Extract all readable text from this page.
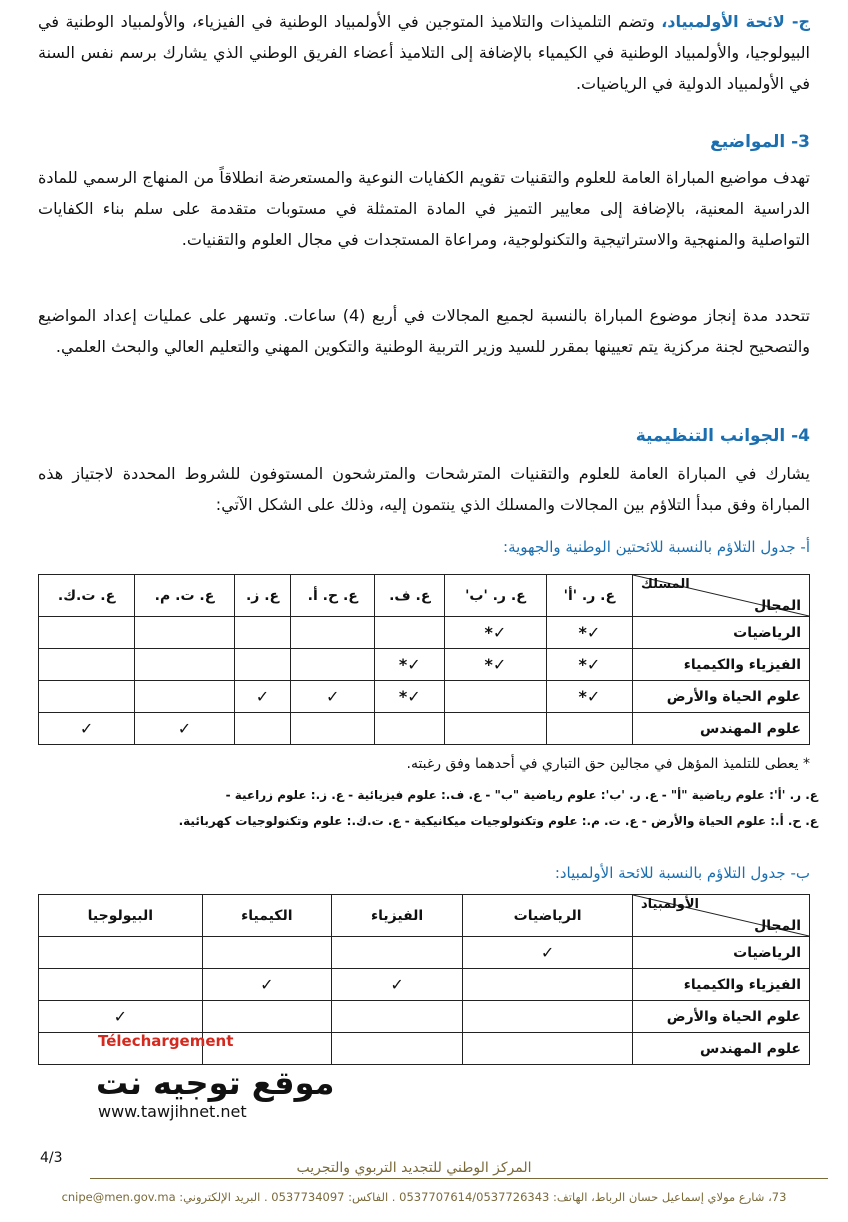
ج- لائحة الأولمبياد، وتضم التلميذات والتلاميذ المتوجين في الأولمبياد الوطنية في الفيزياء، والأولمبياد الوطنية في البيولوجيا، والأولمبياد الوطنية في الكيمياء بالإضافة إلى التلاميذ أعضاء الفريق الوطني الذي يشارك برسم نفس السنة في الأولمبياد الدولية في الرياضيات.
3- المواضيع
تهدف مواضيع المباراة العامة للعلوم والتقنيات تقويم الكفايات النوعية والمستعرضة انطلاقاً من المنهاج الرسمي للمادة الدراسية المعنية، بالإضافة إلى معايير التميز في المادة المتمثلة في مستوبات متقدمة على سلم بناء الكفايات التواصلية والمنهجية والاستراتيجية والتكنولوجية، ومراعاة المستجدات في مجال العلوم والتقنيات.
تتحدد مدة إنجاز موضوع المباراة بالنسبة لجميع المجالات في أربع (4) ساعات. وتسهر على عمليات إعداد المواضيع والتصحيح لجنة مركزية يتم تعيينها بمقرر للسيد وزير التربية الوطنية والتكوين المهني والتعليم العالي والبحث العلمي.
4- الجوانب التنظيمية
يشارك في المباراة العامة للعلوم والتقنيات المترشحات والمترشحون المستوفون للشروط المحددة لاجتياز هذه المباراة وفق مبدأ التلاؤم بين المجالات والمسلك الذي ينتمون إليه، وذلك على الشكل الآتي:
أ- جدول التلاؤم بالنسبة للائحتين الوطنية والجهوية:
المسلك
المجال	ع. ر. 'أ'	ع. ر. 'ب'	ع. ف.	ع. ح. أ.	ع. ز.	ع. ت. م.	ع. ت.ك.
الرياضيات	✓*	✓*					
الفيزياء والكيمياء	✓*	✓*	✓*				
علوم الحياة والأرض	✓*		✓*	✓	✓		
علوم المهندس						✓	✓
* يعطى للتلميذ المؤهل في مجالين حق التباري في أحدهما وفق رغبته.
ع. ر. 'أ': علوم رياضية "أ" - ع. ر. 'ب': علوم رياضية "ب" - ع. ف.: علوم فيزيائية - ع. ز.: علوم زراعية -
ع. ح. أ.: علوم الحياة والأرض - ع. ت. م.: علوم وتكنولوجيات ميكانيكية - ع. ت.ك.: علوم وتكنولوجيات كهربائية.
ب- جدول التلاؤم بالنسبة للائحة الأولمبياد:
الأولمبياد
المجال	الرياضيات	الفيزياء	الكيمياء	البيولوجيا
الرياضيات	✓			
الفيزياء والكيمياء		✓	✓	
علوم الحياة والأرض				✓
علوم المهندس				
Télechargement
موقع توجيه نت
www.tawjihnet.net
4/3
المركز الوطني للتجديد التربوي والتجريب
73، شارع مولاي إسماعيل حسان الرباط، الهاتف: 0537707614/0537726343 . الفاكس: 0537734097 . البريد الإلكتروني: cnipe@men.gov.ma
